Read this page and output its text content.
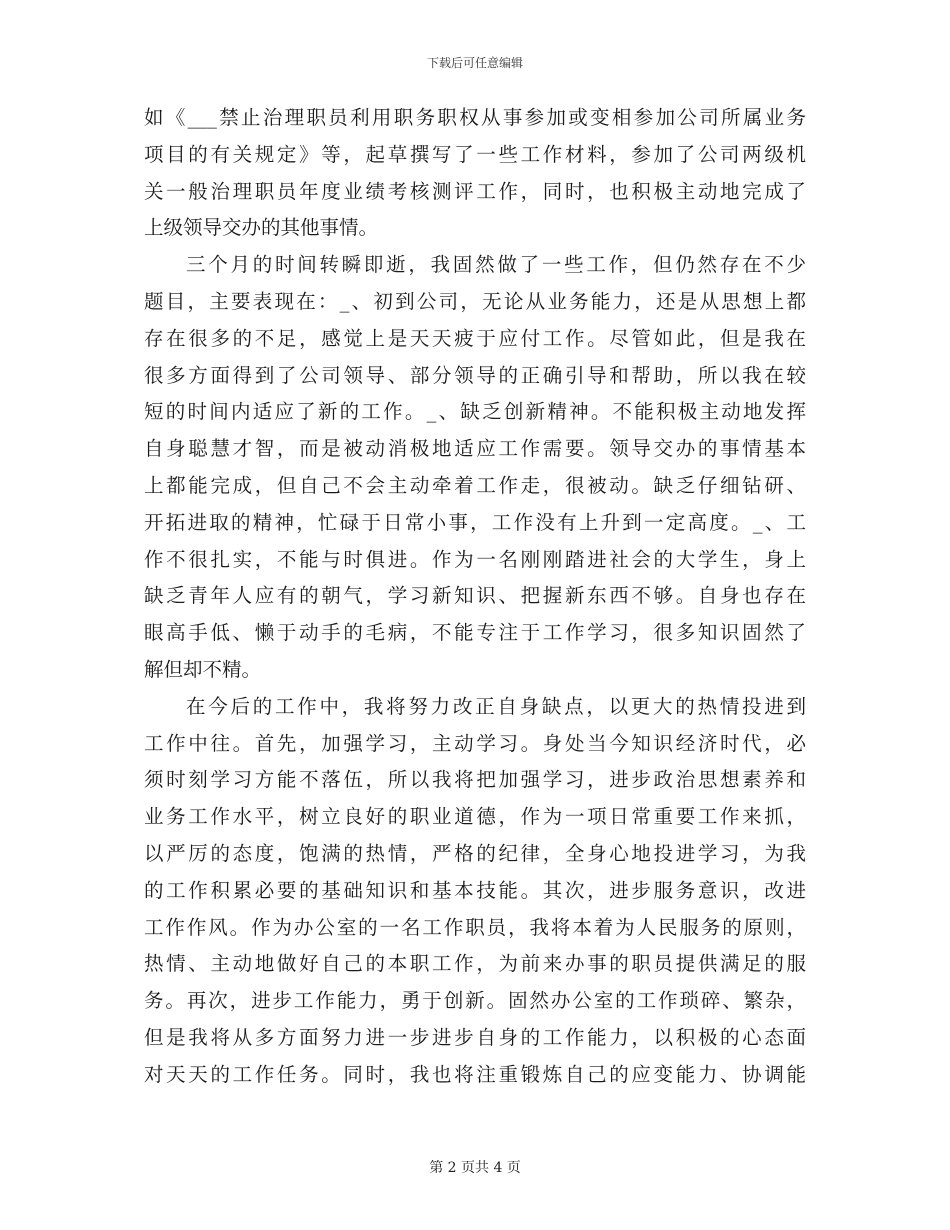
下载后可任意编辑
如《___禁止治理职员利用职务职权从事参加或变相参加公司所属业务
项目的有关规定》等，起草撰写了一些工作材料，参加了公司两级机
关一般治理职员年度业绩考核测评工作，同时，也积极主动地完成了
上级领导交办的其他事情。
三个月的时间转瞬即逝，我固然做了一些工作，但仍然存在不少
题目，主要表现在：_、初到公司，无论从业务能力，还是从思想上都
存在很多的不足，感觉上是天天疲于应付工作。尽管如此，但是我在
很多方面得到了公司领导、部分领导的正确引导和帮助，所以我在较
短的时间内适应了新的工作。_、缺乏创新精神。不能积极主动地发挥
自身聪慧才智，而是被动消极地适应工作需要。领导交办的事情基本
上都能完成，但自己不会主动牵着工作走，很被动。缺乏仔细钻研、
开拓进取的精神，忙碌于日常小事，工作没有上升到一定高度。_、工
作不很扎实，不能与时俱进。作为一名刚刚踏进社会的大学生，身上
缺乏青年人应有的朝气，学习新知识、把握新东西不够。自身也存在
眼高手低、懒于动手的毛病，不能专注于工作学习，很多知识固然了
解但却不精。
在今后的工作中，我将努力改正自身缺点，以更大的热情投进到
工作中往。首先，加强学习，主动学习。身处当今知识经济时代，必
须时刻学习方能不落伍，所以我将把加强学习，进步政治思想素养和
业务工作水平，树立良好的职业道德，作为一项日常重要工作来抓，
以严厉的态度，饱满的热情，严格的纪律，全身心地投进学习，为我
的工作积累必要的基础知识和基本技能。其次，进步服务意识，改进
工作作风。作为办公室的一名工作职员，我将本着为人民服务的原则，
热情、主动地做好自己的本职工作，为前来办事的职员提供满足的服
务。再次，进步工作能力，勇于创新。固然办公室的工作琐碎、繁杂，
但是我将从多方面努力进一步进步自身的工作能力，以积极的心态面
对天天的工作任务。同时，我也将注重锻炼自己的应变能力、协调能
第 2 页共 4 页
